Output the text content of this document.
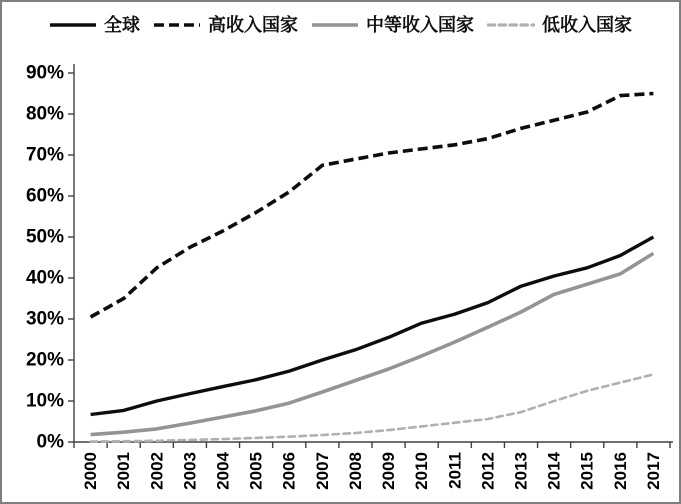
全球	高收入国家	中等收入国家	低收入国家
0%
10%
20%
30%
40%
50%
60%
70%
80%
90%
2000 2001 2002 2003 2004 2005 2006 2007 2008 2009 2010 2011 2012 2013 2014 2015 2016 2017
